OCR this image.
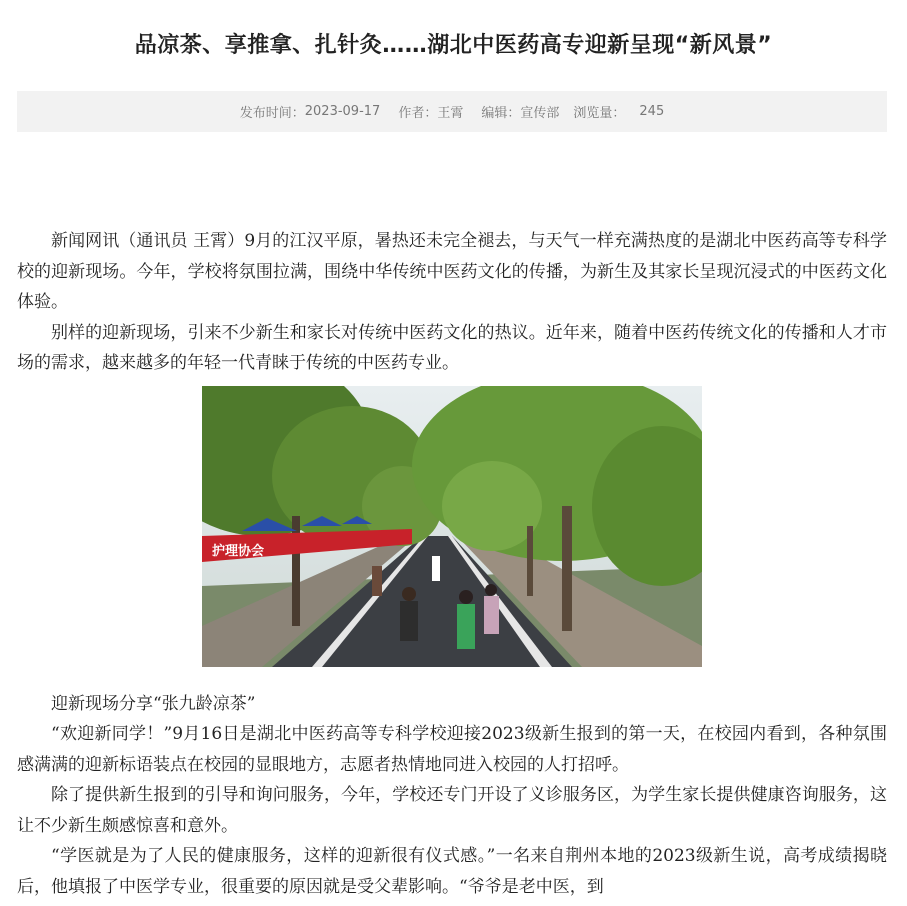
品凉茶、享推拿、扎针灸……湖北中医药高专迎新呈现“新风景”
发布时间： 2023-09-17 作者： 王霄 编辑： 宣传部 浏览量： 245

新闻网讯（通讯员 王霄）9月的江汉平原，暑热还未完全褪去，与天气一样充满热度的是湖北中医药高等专科学校的迎新现场。今年，学校将氛围拉满，围绕中华传统中医药文化的传播，为新生及其家长呈现沉浸式的中医药文化体验。

别样的迎新现场，引来不少新生和家长对传统中医药文化的热议。近年来，随着中医药传统文化的传播和人才市场的需求，越来越多的年轻一代青睐于传统的中医药专业。

护理协会

迎新现场分享“张九龄凉茶”

“欢迎新同学！”9月16日是湖北中医药高等专科学校迎接2023级新生报到的第一天，在校园内看到，各种氛围感满满的迎新标语装点在校园的显眼地方，志愿者热情地同进入校园的人打招呼。

除了提供新生报到的引导和询问服务，今年，学校还专门开设了义诊服务区，为学生家长提供健康咨询服务，这让不少新生颇感惊喜和意外。

“学医就是为了人民的健康服务，这样的迎新很有仪式感。”一名来自荆州本地的2023级新生说，高考成绩揭晓后，他填报了中医学专业，很重要的原因就是受父辈影响。“爷爷是老中医，到
